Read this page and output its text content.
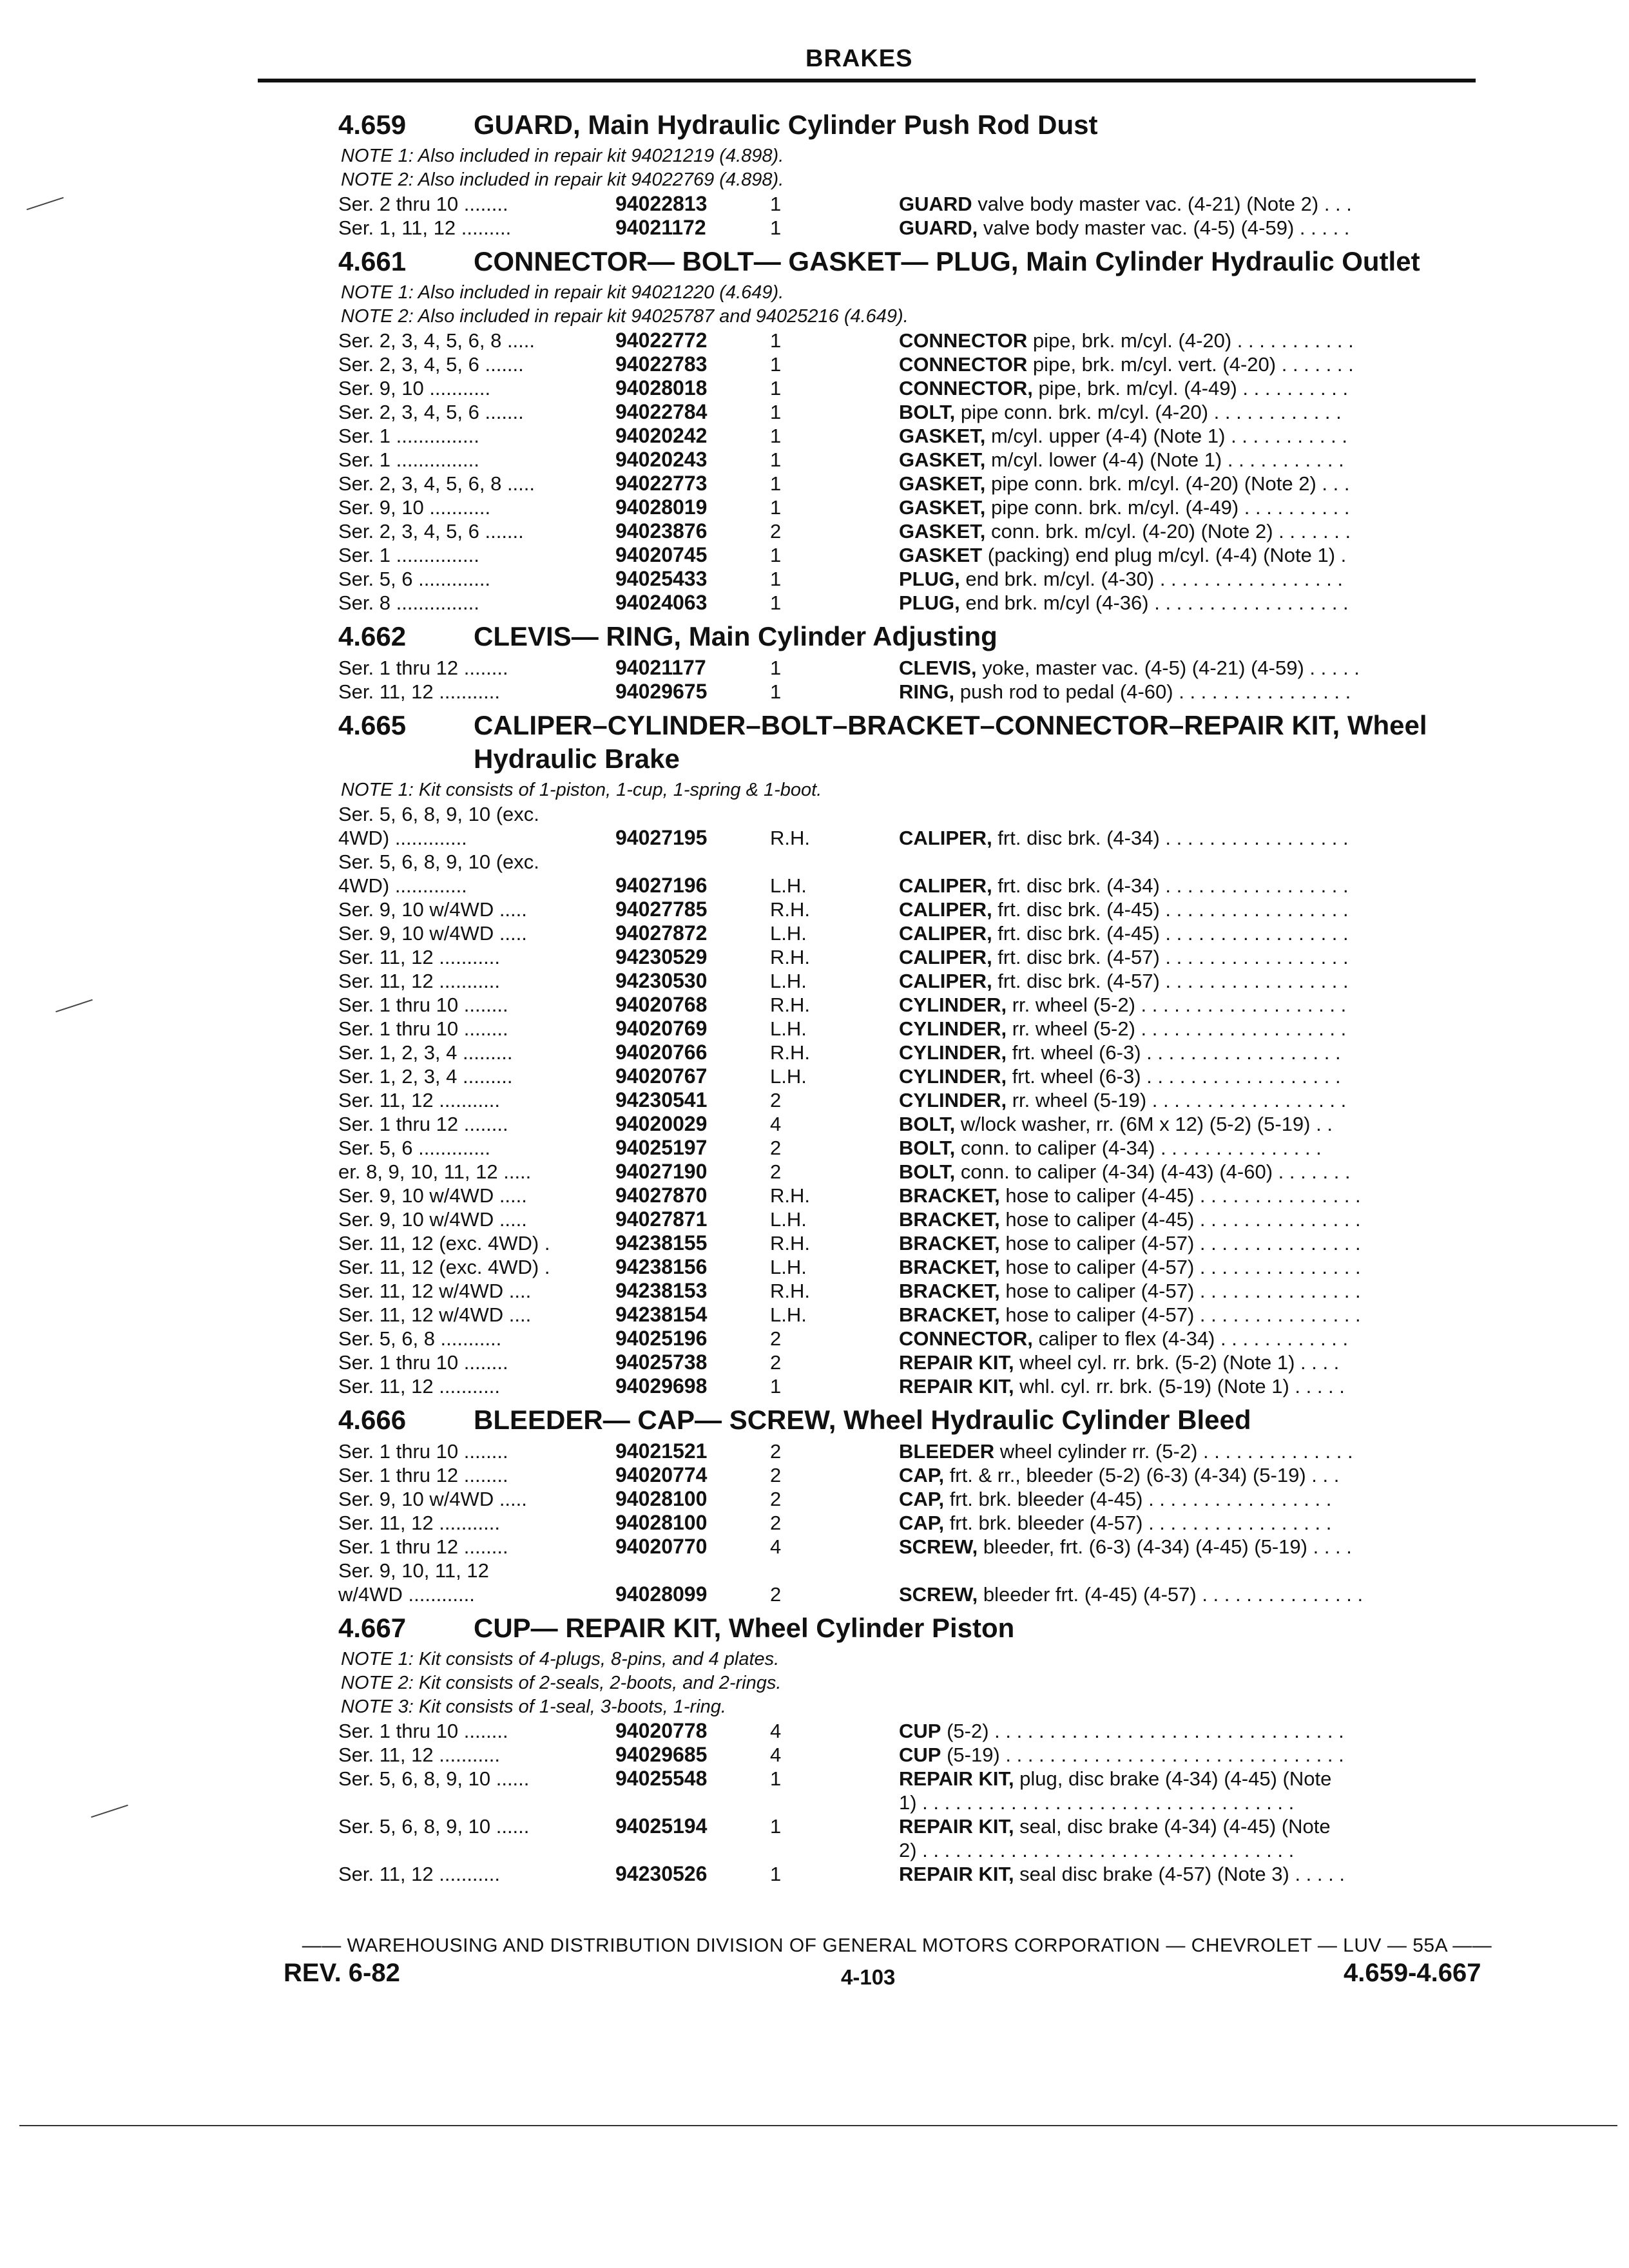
BRAKES
4.659	GUARD, Main Hydraulic Cylinder Push Rod Dust
NOTE 1: Also included in repair kit 94021219 (4.898).
NOTE 2: Also included in repair kit 94022769 (4.898).
Ser. 2 thru 10 ........	94022813	1	GUARD valve body master vac. (4-21) (Note 2) . . .
Ser. 1, 11, 12 .........	94021172	1	GUARD, valve body master vac. (4-5) (4-59) . . . . .
4.661	CONNECTOR— BOLT— GASKET— PLUG, Main Cylinder Hydraulic Outlet
NOTE 1: Also included in repair kit 94021220 (4.649).
NOTE 2: Also included in repair kit 94025787 and 94025216 (4.649).
Ser. 2, 3, 4, 5, 6, 8 .....	94022772	1	CONNECTOR pipe, brk. m/cyl. (4-20) . . . . . . . . . . .
Ser. 2, 3, 4, 5, 6 .......	94022783	1	CONNECTOR pipe, brk. m/cyl. vert. (4-20) . . . . . . .
Ser. 9, 10 ...........	94028018	1	CONNECTOR, pipe, brk. m/cyl. (4-49) . . . . . . . . . .
Ser. 2, 3, 4, 5, 6 .......	94022784	1	BOLT, pipe conn. brk. m/cyl. (4-20) . . . . . . . . . . . .
Ser. 1 ...............	94020242	1	GASKET, m/cyl. upper (4-4) (Note 1) . . . . . . . . . . .
Ser. 1 ...............	94020243	1	GASKET, m/cyl. lower (4-4) (Note 1) . . . . . . . . . . .
Ser. 2, 3, 4, 5, 6, 8 .....	94022773	1	GASKET, pipe conn. brk. m/cyl. (4-20) (Note 2) . . .
Ser. 9, 10 ...........	94028019	1	GASKET, pipe conn. brk. m/cyl. (4-49) . . . . . . . . . .
Ser. 2, 3, 4, 5, 6 .......	94023876	2	GASKET, conn. brk. m/cyl. (4-20) (Note 2) . . . . . . .
Ser. 1 ...............	94020745	1	GASKET (packing) end plug m/cyl. (4-4) (Note 1) .
Ser. 5, 6 .............	94025433	1	PLUG, end brk. m/cyl. (4-30) . . . . . . . . . . . . . . . . .
Ser. 8 ...............	94024063	1	PLUG, end brk. m/cyl (4-36) . . . . . . . . . . . . . . . . . .
4.662	CLEVIS— RING, Main Cylinder Adjusting
Ser. 1 thru 12 ........	94021177	1	CLEVIS, yoke, master vac. (4-5) (4-21) (4-59) . . . . .
Ser. 11, 12 ...........	94029675	1	RING, push rod to pedal (4-60) . . . . . . . . . . . . . . . .
4.665	CALIPER–CYLINDER–BOLT–BRACKET–CONNECTOR–REPAIR KIT, Wheel Hydraulic Brake
NOTE 1: Kit consists of 1-piston, 1-cup, 1-spring & 1-boot.
Ser. 5, 6, 8, 9, 10 (exc.
4WD) .............	94027195	R.H.	CALIPER, frt. disc brk. (4-34) . . . . . . . . . . . . . . . . .
Ser. 5, 6, 8, 9, 10 (exc.
4WD) .............	94027196	L.H.	CALIPER, frt. disc brk. (4-34) . . . . . . . . . . . . . . . . .
Ser. 9, 10 w/4WD .....	94027785	R.H.	CALIPER, frt. disc brk. (4-45) . . . . . . . . . . . . . . . . .
Ser. 9, 10 w/4WD .....	94027872	L.H.	CALIPER, frt. disc brk. (4-45) . . . . . . . . . . . . . . . . .
Ser. 11, 12 ...........	94230529	R.H.	CALIPER, frt. disc brk. (4-57) . . . . . . . . . . . . . . . . .
Ser. 11, 12 ...........	94230530	L.H.	CALIPER, frt. disc brk. (4-57) . . . . . . . . . . . . . . . . .
Ser. 1 thru 10 ........	94020768	R.H.	CYLINDER, rr. wheel (5-2) . . . . . . . . . . . . . . . . . . .
Ser. 1 thru 10 ........	94020769	L.H.	CYLINDER, rr. wheel (5-2) . . . . . . . . . . . . . . . . . . .
Ser. 1, 2, 3, 4 .........	94020766	R.H.	CYLINDER, frt. wheel (6-3) . . . . . . . . . . . . . . . . . .
Ser. 1, 2, 3, 4 .........	94020767	L.H.	CYLINDER, frt. wheel (6-3) . . . . . . . . . . . . . . . . . .
Ser. 11, 12 ...........	94230541	2	CYLINDER, rr. wheel (5-19) . . . . . . . . . . . . . . . . . .
Ser. 1 thru 12 ........	94020029	4	BOLT, w/lock washer, rr. (6M x 12) (5-2) (5-19) . .
Ser. 5, 6 .............	94025197	2	BOLT, conn. to caliper (4-34) . . . . . . . . . . . . . . .
er. 8, 9, 10, 11, 12 .....	94027190	2	BOLT, conn. to caliper (4-34) (4-43) (4-60) . . . . . . .
Ser. 9, 10 w/4WD .....	94027870	R.H.	BRACKET, hose to caliper (4-45) . . . . . . . . . . . . . . .
Ser. 9, 10 w/4WD .....	94027871	L.H.	BRACKET, hose to caliper (4-45) . . . . . . . . . . . . . . .
Ser. 11, 12 (exc. 4WD) .	94238155	R.H.	BRACKET, hose to caliper (4-57) . . . . . . . . . . . . . . .
Ser. 11, 12 (exc. 4WD) .	94238156	L.H.	BRACKET, hose to caliper (4-57) . . . . . . . . . . . . . . .
Ser. 11, 12 w/4WD ....	94238153	R.H.	BRACKET, hose to caliper (4-57) . . . . . . . . . . . . . . .
Ser. 11, 12 w/4WD ....	94238154	L.H.	BRACKET, hose to caliper (4-57) . . . . . . . . . . . . . . .
Ser. 5, 6, 8 ...........	94025196	2	CONNECTOR, caliper to flex (4-34) . . . . . . . . . . . .
Ser. 1 thru 10 ........	94025738	2	REPAIR KIT, wheel cyl. rr. brk. (5-2) (Note 1) . . . .
Ser. 11, 12 ...........	94029698	1	REPAIR KIT, whl. cyl. rr. brk. (5-19) (Note 1) . . . . .
4.666	BLEEDER— CAP— SCREW, Wheel Hydraulic Cylinder Bleed
Ser. 1 thru 10 ........	94021521	2	BLEEDER wheel cylinder rr. (5-2) . . . . . . . . . . . . . .
Ser. 1 thru 12 ........	94020774	2	CAP, frt. & rr., bleeder (5-2) (6-3) (4-34) (5-19) . . .
Ser. 9, 10 w/4WD .....	94028100	2	CAP, frt. brk. bleeder (4-45) . . . . . . . . . . . . . . . . .
Ser. 11, 12 ...........	94028100	2	CAP, frt. brk. bleeder (4-57) . . . . . . . . . . . . . . . . .
Ser. 1 thru 12 ........	94020770	4	SCREW, bleeder, frt. (6-3) (4-34) (4-45) (5-19) . . . .
Ser. 9, 10, 11, 12
w/4WD ............	94028099	2	SCREW, bleeder frt. (4-45) (4-57) . . . . . . . . . . . . . . .
4.667	CUP— REPAIR KIT, Wheel Cylinder Piston
NOTE 1: Kit consists of 4-plugs, 8-pins, and 4 plates.
NOTE 2: Kit consists of 2-seals, 2-boots, and 2-rings.
NOTE 3: Kit consists of 1-seal, 3-boots, 1-ring.
Ser. 1 thru 10 ........	94020778	4	CUP (5-2) . . . . . . . . . . . . . . . . . . . . . . . . . . . . . . . .
Ser. 11, 12 ...........	94029685	4	CUP (5-19) . . . . . . . . . . . . . . . . . . . . . . . . . . . . . . .
Ser. 5, 6, 8, 9, 10 ......	94025548	1	REPAIR KIT, plug, disc brake (4-34) (4-45) (Note
1) . . . . . . . . . . . . . . . . . . . . . . . . . . . . . . . . . .
Ser. 5, 6, 8, 9, 10 ......	94025194	1	REPAIR KIT, seal, disc brake (4-34) (4-45) (Note
2) . . . . . . . . . . . . . . . . . . . . . . . . . . . . . . . . . .
Ser. 11, 12 ...........	94230526	1	REPAIR KIT, seal disc brake (4-57) (Note 3) . . . . .
—— WAREHOUSING AND DISTRIBUTION DIVISION OF GENERAL MOTORS CORPORATION — CHEVROLET — LUV — 55A ——
REV. 6-82	4-103	4.659-4.667
